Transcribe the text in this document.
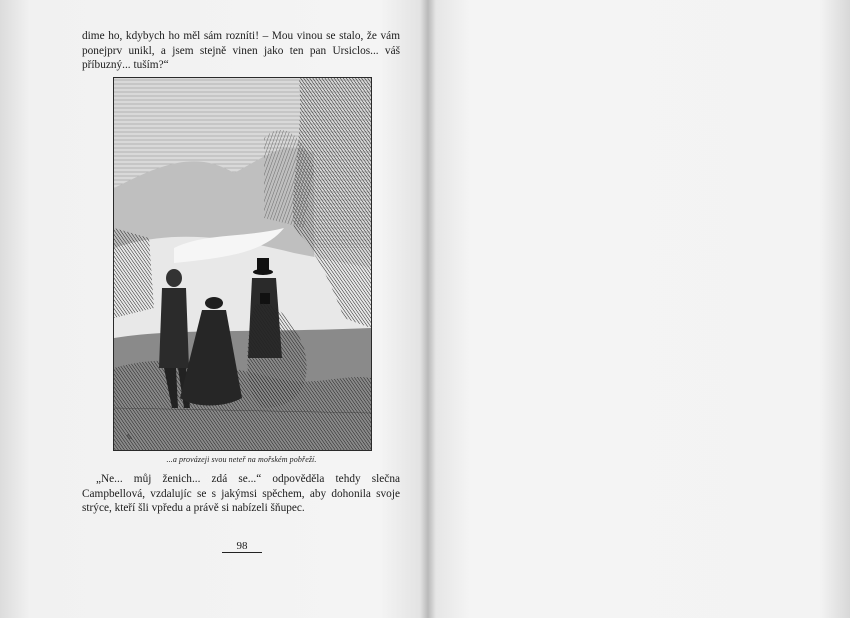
dime ho, kdybych ho měl sám rozníti! – Mou vinou se stalo, že vám ponejprv unikl, a jsem stejně vinen jako ten pan Ursiclos... váš příbuzný... tuším?“

✎
...a provázeji svou neteř na mořském pobřeží.

„Ne... můj ženich... zdá se...“ odpověděla tehdy slečna Campbellová, vzdalujíc se s jakýmsi spěchem, aby dohonila svoje strýce, kteří šli vpředu a právě si nabízeli šňupec.

98
